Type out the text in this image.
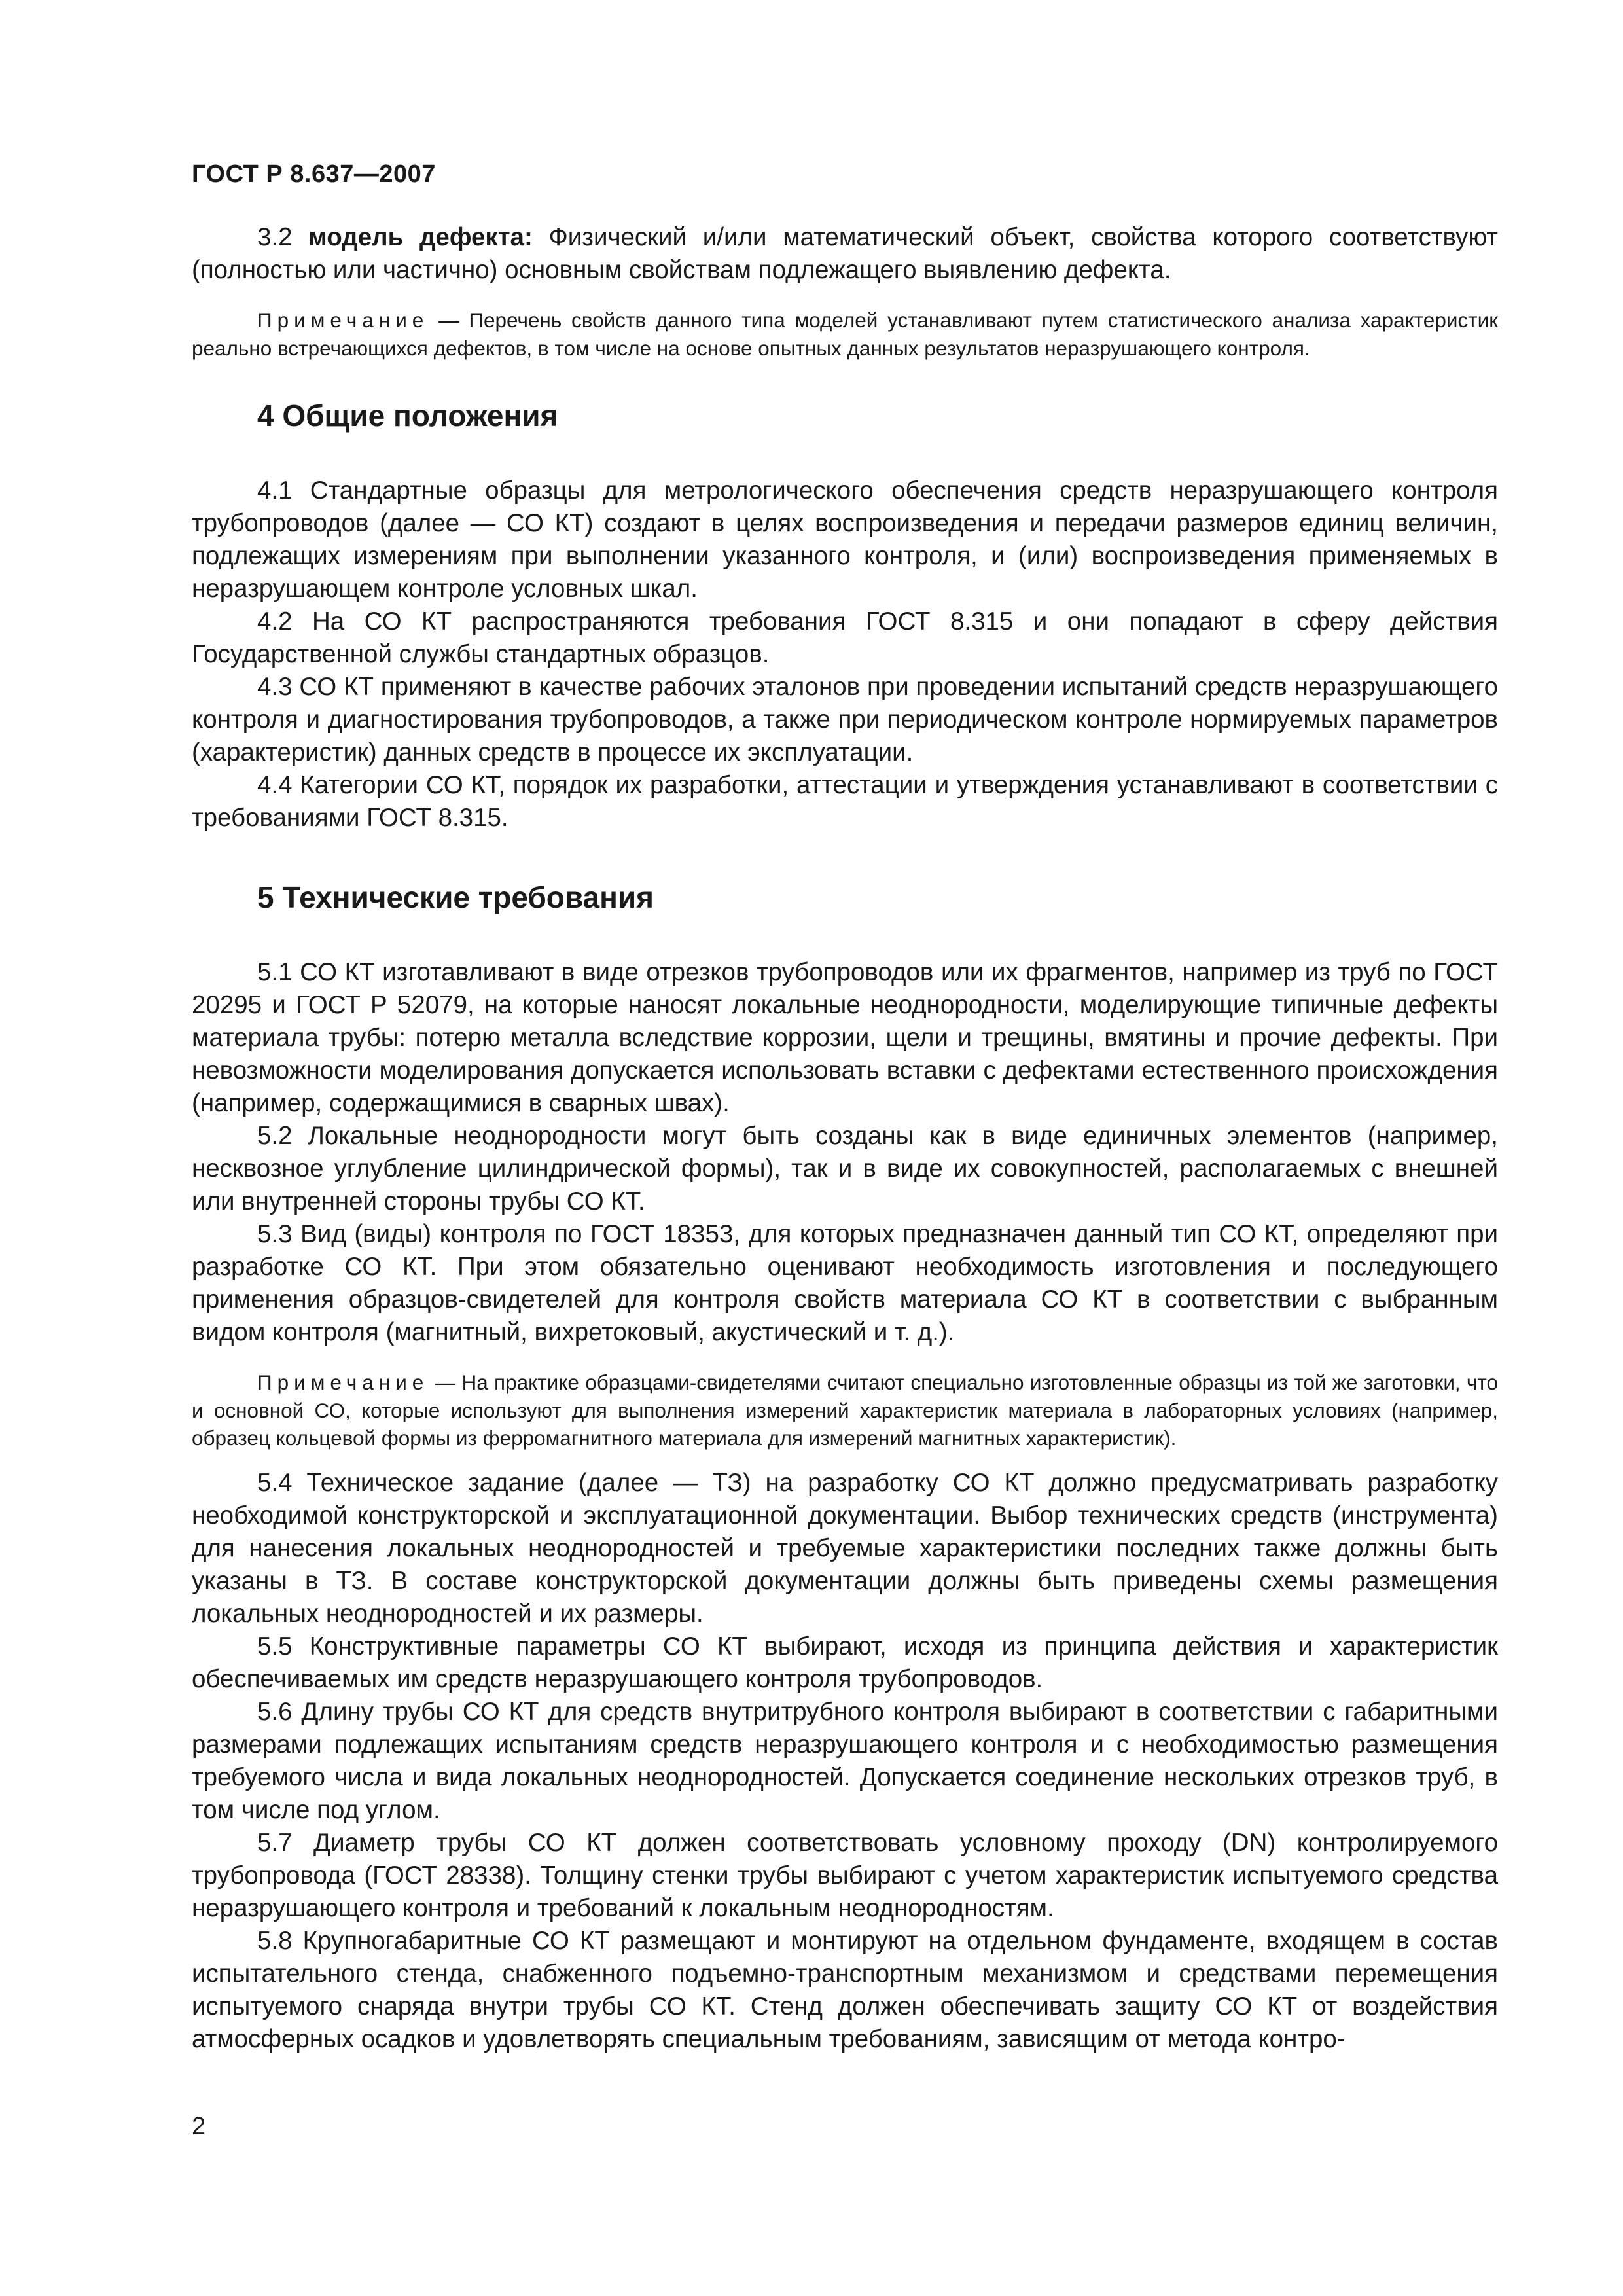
ГОСТ Р 8.637—2007

3.2 модель дефекта: Физический и/или математический объект, свойства которого соответствуют (полностью или частично) основным свойствам подлежащего выявлению дефекта.

Примечание — Перечень свойств данного типа моделей устанавливают путем статистического анализа характеристик реально встречающихся дефектов, в том числе на основе опытных данных результатов неразрушающего контроля.

4 Общие положения

4.1 Стандартные образцы для метрологического обеспечения средств неразрушающего контроля трубопроводов (далее — СО КТ) создают в целях воспроизведения и передачи размеров единиц величин, подлежащих измерениям при выполнении указанного контроля, и (или) воспроизведения применяемых в неразрушающем контроле условных шкал.

4.2 На СО КТ распространяются требования ГОСТ 8.315 и они попадают в сферу действия Государственной службы стандартных образцов.

4.3 СО КТ применяют в качестве рабочих эталонов при проведении испытаний средств неразрушающего контроля и диагностирования трубопроводов, а также при периодическом контроле нормируемых параметров (характеристик) данных средств в процессе их эксплуатации.

4.4 Категории СО КТ, порядок их разработки, аттестации и утверждения устанавливают в соответствии с требованиями ГОСТ 8.315.

5 Технические требования

5.1 СО КТ изготавливают в виде отрезков трубопроводов или их фрагментов, например из труб по ГОСТ 20295 и ГОСТ Р 52079, на которые наносят локальные неоднородности, моделирующие типичные дефекты материала трубы: потерю металла вследствие коррозии, щели и трещины, вмятины и прочие дефекты. При невозможности моделирования допускается использовать вставки с дефектами естественного происхождения (например, содержащимися в сварных швах).

5.2 Локальные неоднородности могут быть созданы как в виде единичных элементов (например, несквозное углубление цилиндрической формы), так и в виде их совокупностей, располагаемых с внешней или внутренней стороны трубы СО КТ.

5.3 Вид (виды) контроля по ГОСТ 18353, для которых предназначен данный тип СО КТ, определяют при разработке СО КТ. При этом обязательно оценивают необходимость изготовления и последующего применения образцов-свидетелей для контроля свойств материала СО КТ в соответствии с выбранным видом контроля (магнитный, вихретоковый, акустический и т. д.).

Примечание — На практике образцами-свидетелями считают специально изготовленные образцы из той же заготовки, что и основной СО, которые используют для выполнения измерений характеристик материала в лабораторных условиях (например, образец кольцевой формы из ферромагнитного материала для измерений магнитных характеристик).

5.4 Техническое задание (далее — ТЗ) на разработку СО КТ должно предусматривать разработку необходимой конструкторской и эксплуатационной документации. Выбор технических средств (инструмента) для нанесения локальных неоднородностей и требуемые характеристики последних также должны быть указаны в ТЗ. В составе конструкторской документации должны быть приведены схемы размещения локальных неоднородностей и их размеры.

5.5 Конструктивные параметры СО КТ выбирают, исходя из принципа действия и характеристик обеспечиваемых им средств неразрушающего контроля трубопроводов.

5.6 Длину трубы СО КТ для средств внутритрубного контроля выбирают в соответствии с габаритными размерами подлежащих испытаниям средств неразрушающего контроля и с необходимостью размещения требуемого числа и вида локальных неоднородностей. Допускается соединение нескольких отрезков труб, в том числе под углом.

5.7 Диаметр трубы СО КТ должен соответствовать условному проходу (DN) контролируемого трубопровода (ГОСТ 28338). Толщину стенки трубы выбирают с учетом характеристик испытуемого средства неразрушающего контроля и требований к локальным неоднородностям.

5.8 Крупногабаритные СО КТ размещают и монтируют на отдельном фундаменте, входящем в состав испытательного стенда, снабженного подъемно-транспортным механизмом и средствами перемещения испытуемого снаряда внутри трубы СО КТ. Стенд должен обеспечивать защиту СО КТ от воздействия атмосферных осадков и удовлетворять специальным требованиям, зависящим от метода контро-

2
